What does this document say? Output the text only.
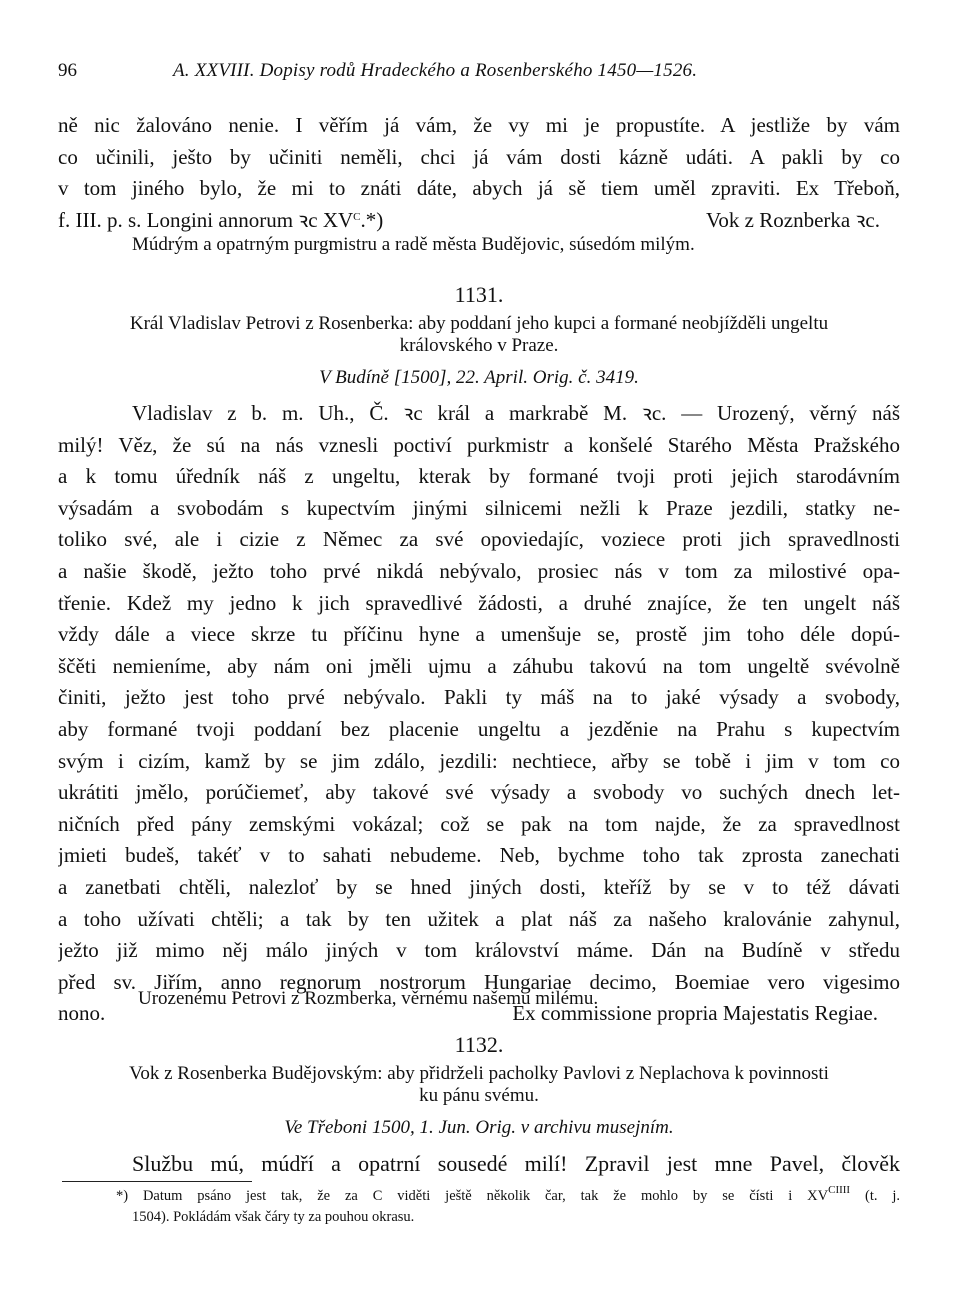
96	A. XXVIII. Dopisy rodů Hradeckého a Rosenberského 1450—1526.
ně nic žalováno nenie. I věřím já vám, že vy mi je propustíte. A jestliže by vám
co učinili, ješto by učiniti neměli, chci já vám dosti kázně udáti. A pakli by co
v tom jiného bylo, že mi to znáti dáte, abych já sě tiem uměl zpraviti. Ex Třeboň,
f. III. p. s. Longini annorum ꝛc $XV^C.*$)	Vok z Roznberka ꝛc.
Múdrým a opatrným purgmistru a radě města Budějovic, súsedóm milým.
1131.
Král Vladislav Petrovi z Rosenberka: aby poddaní jeho kupci a formané neobjížděli ungeltu
královského v Praze.
V Budíně [1500], 22. April. Orig. č. 3419.
Vladislav z b. m. Uh., Č. ꝛc král a markrabě M. ꝛc. — Urozený, věrný náš
milý! Věz, že sú na nás vznesli poctiví purkmistr a konšelé Starého Města Pražského
a k tomu úředník náš z ungeltu, kterak by formané tvoji proti jejich starodávním
výsadám a svobodám s kupectvím jinými silnicemi nežli k Praze jezdili, statky ne-
toliko své, ale i cizie z Němec za své opoviedajíc, voziece proti jich spravedlnosti
a našie škodě, ježto toho prvé nikdá nebývalo, prosiec nás v tom za milostivé opa-
třenie. Kdež my jedno k jich spravedlivé žádosti, a druhé znajíce, že ten ungelt náš
vždy dále a viece skrze tu příčinu hyne a umenšuje se, prostě jim toho déle dopú-
ščěti nemieníme, aby nám oni jměli ujmu a záhubu takovú na tom ungeltě svévolně
činiti, ježto jest toho prvé nebývalo. Pakli ty máš na to jaké výsady a svobody,
aby formané tvoji poddaní bez placenie ungeltu a jezděnie na Prahu s kupectvím
svým i cizím, kamž by se jim zdálo, jezdili: nechtiece, ařby se tobě i jim v tom co
ukrátiti jmělo, porúčiemeť, aby takové své výsady a svobody vo suchých dnech let-
ničních před pány zemskými vokázal; což se pak na tom najde, že za spravedlnost
jmieti budeš, takéť v to sahati nebudeme. Neb, bychme toho tak zprosta zanechati
a zanetbati chtěli, nalezloť by se hned jiných dosti, kteříž by se v to též dávati
a toho užívati chtěli; a tak by ten užitek a plat náš za našeho kralovánie zahynul,
ježto již mimo něj málo jiných v tom království máme. Dán na Budíně v středu
před sv. Jiřím, anno regnorum nostrorum Hungariae decimo, Boemiae vero vigesimo
nono.	Ex commissione propria Majestatis Regiae.
Urozenému Petrovi z Rozmberka, věrnému našemu milému.
1132.
Vok z Rosenberka Budějovským: aby přidrželi pacholky Pavlovi z Neplachova k povinnosti
ku pánu svému.
Ve Třeboni 1500, 1. Jun. Orig. v archivu musejním.
Službu mú, múdří a opatrní sousedé milí! Zpravil jest mne Pavel, člověk
*) Datum psáno jest tak, že za C viděti ještě několik čar, tak že mohlo by se čísti i $XV^{CIIII}$ (t. j.
1504). Pokládám však čáry ty za pouhou okrasu.
